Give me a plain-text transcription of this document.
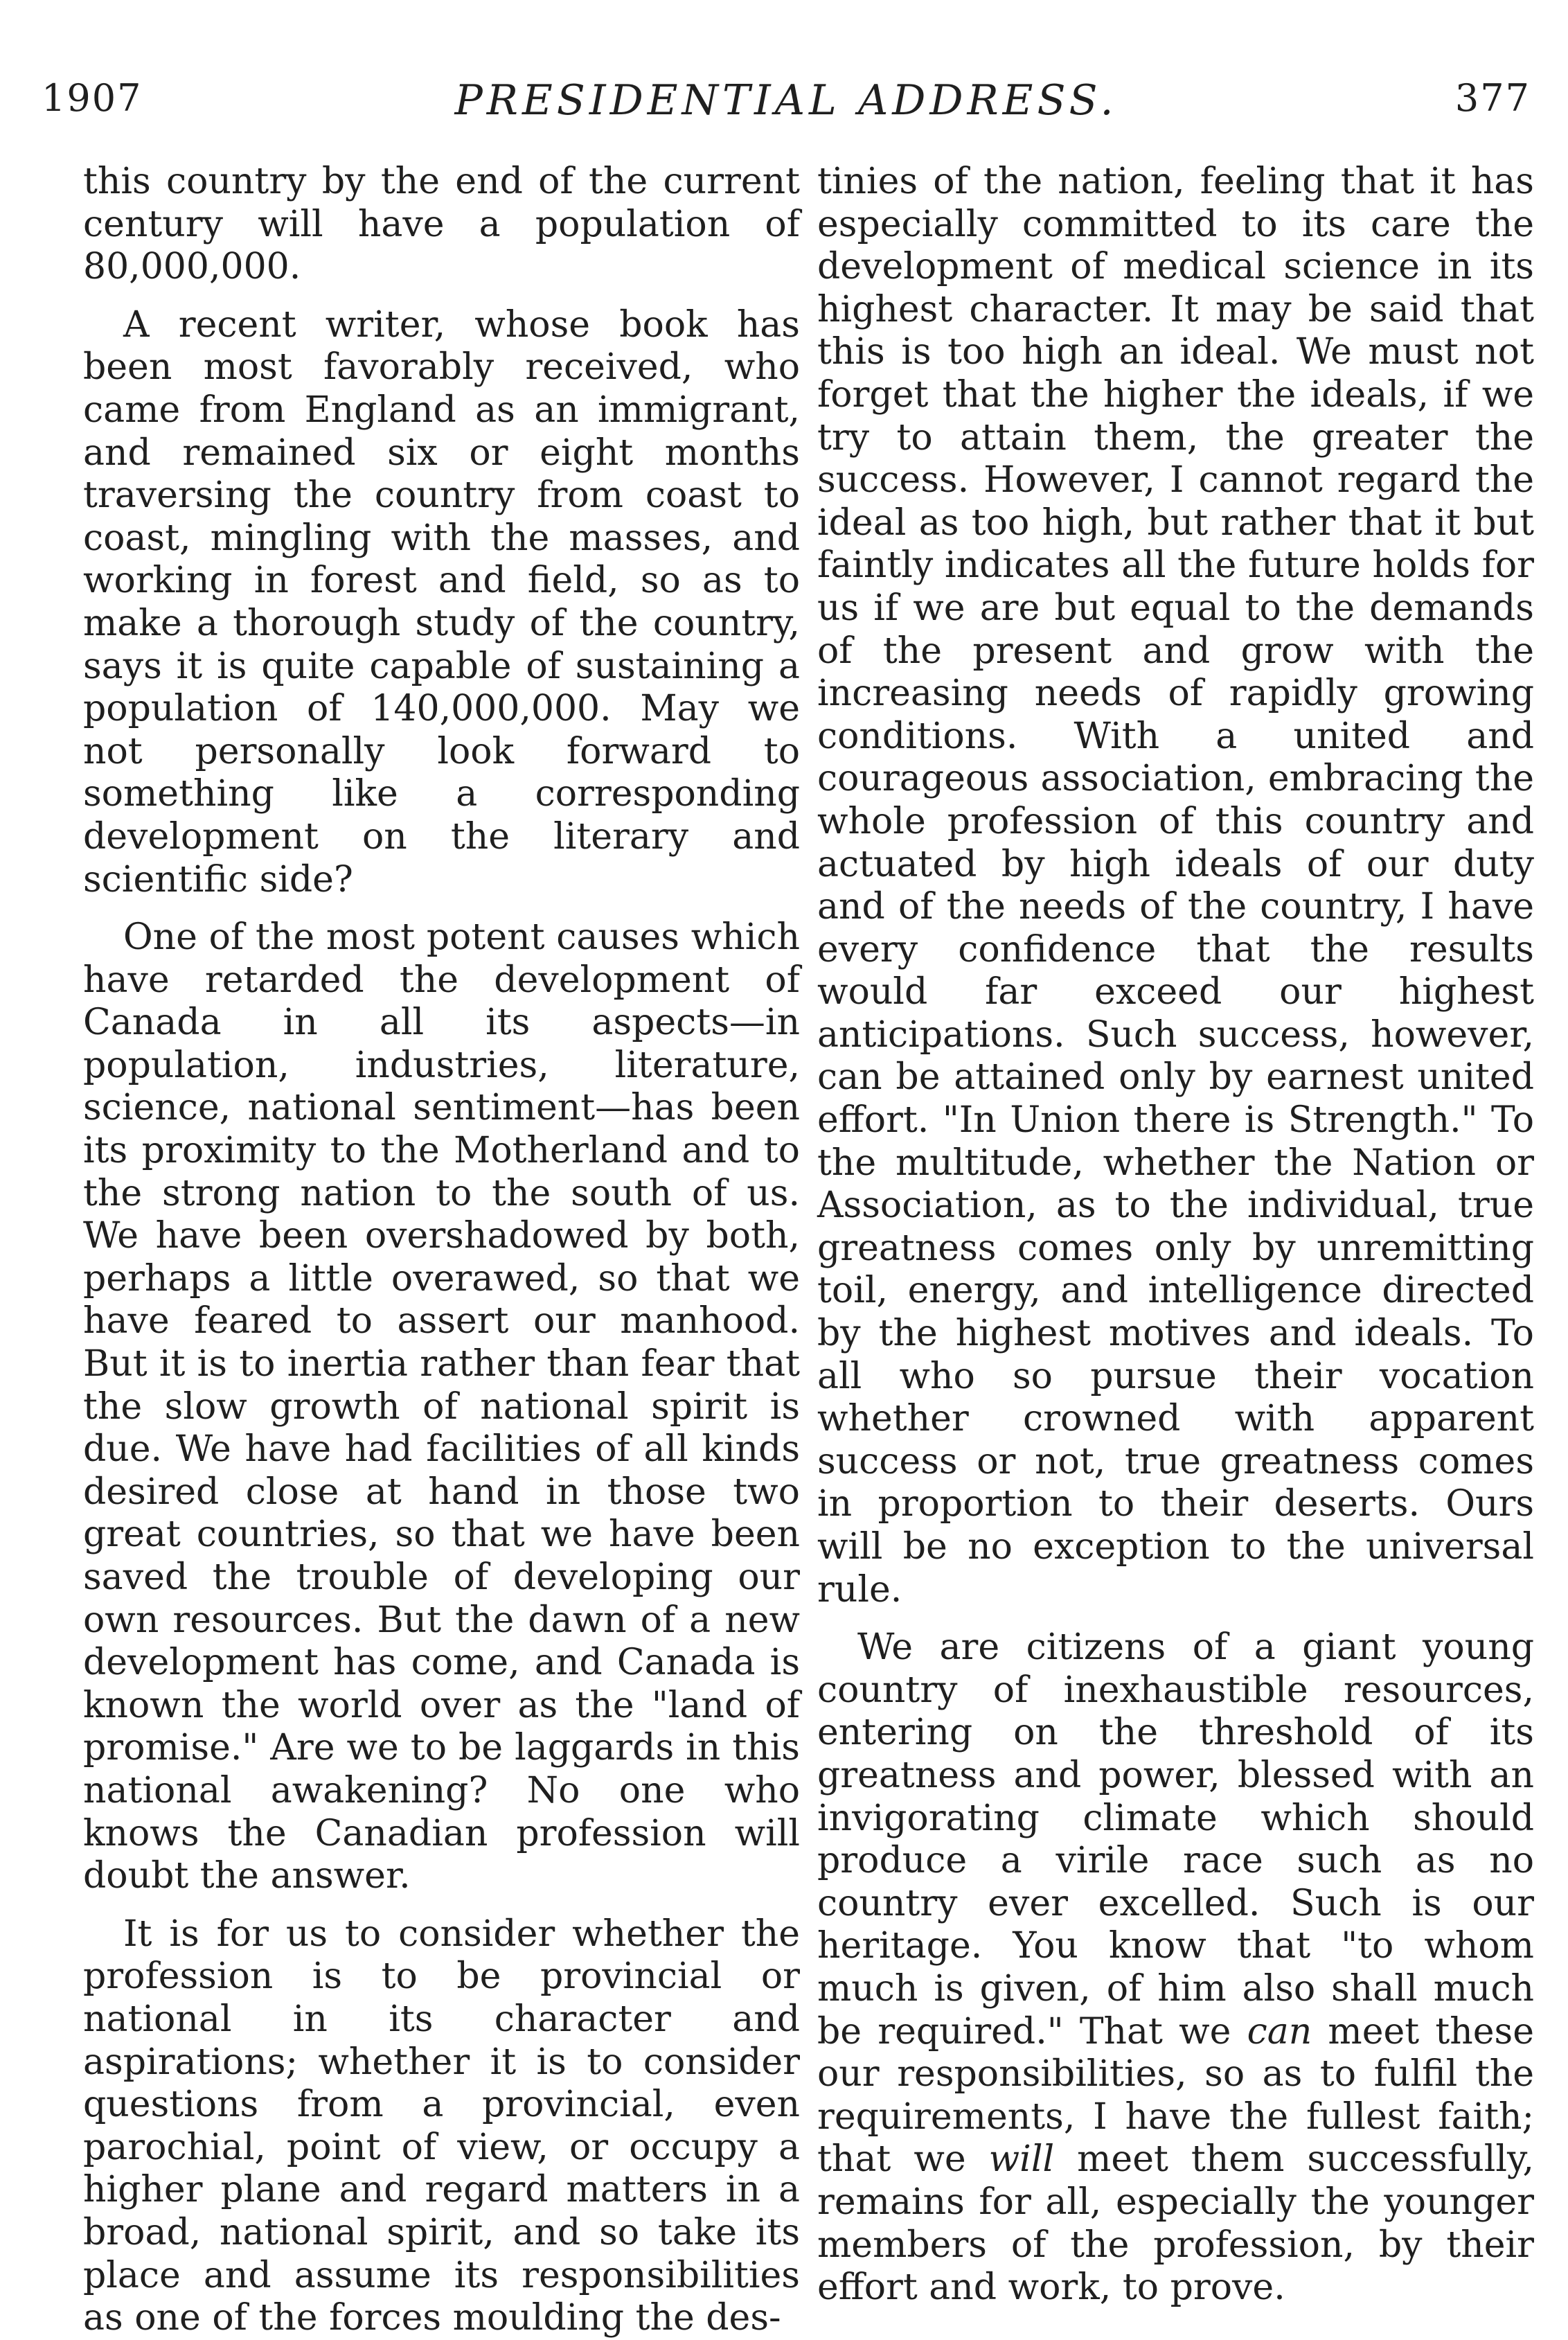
1907	PRESIDENTIAL ADDRESS.	377

this country by the end of the current century will have a population of 80,000,000.

A recent writer, whose book has been most favorably received, who came from England as an immigrant, and remained six or eight months traversing the country from coast to coast, mingling with the masses, and working in forest and field, so as to make a thorough study of the country, says it is quite capable of sustaining a population of 140,000,000. May we not personally look forward to something like a corresponding development on the literary and scientific side?

One of the most potent causes which have retarded the development of Canada in all its aspects—in population, industries, literature, science, national sentiment—has been its proximity to the Motherland and to the strong nation to the south of us. We have been overshadowed by both, perhaps a little overawed, so that we have feared to assert our manhood. But it is to inertia rather than fear that the slow growth of national spirit is due. We have had facilities of all kinds desired close at hand in those two great countries, so that we have been saved the trouble of developing our own resources. But the dawn of a new development has come, and Canada is known the world over as the "land of promise." Are we to be laggards in this national awakening? No one who knows the Canadian profession will doubt the answer.

It is for us to consider whether the profession is to be provincial or national in its character and aspirations; whether it is to consider questions from a provincial, even parochial, point of view, or occupy a higher plane and regard matters in a broad, national spirit, and so take its place and assume its responsibilities as one of the forces moulding the des-

tinies of the nation, feeling that it has especially committed to its care the development of medical science in its highest character. It may be said that this is too high an ideal. We must not forget that the higher the ideals, if we try to attain them, the greater the success. However, I cannot regard the ideal as too high, but rather that it but faintly indicates all the future holds for us if we are but equal to the demands of the present and grow with the increasing needs of rapidly growing conditions. With a united and courageous association, embracing the whole profession of this country and actuated by high ideals of our duty and of the needs of the country, I have every confidence that the results would far exceed our highest anticipations. Such success, however, can be attained only by earnest united effort. "In Union there is Strength." To the multitude, whether the Nation or Association, as to the individual, true greatness comes only by unremitting toil, energy, and intelligence directed by the highest motives and ideals. To all who so pursue their vocation whether crowned with apparent success or not, true greatness comes in proportion to their deserts. Ours will be no exception to the universal rule.

We are citizens of a giant young country of inexhaustible resources, entering on the threshold of its greatness and power, blessed with an invigorating climate which should produce a virile race such as no country ever excelled. Such is our heritage. You know that "to whom much is given, of him also shall much be required." That we can meet these our responsibilities, so as to fulfil the requirements, I have the fullest faith; that we will meet them successfully, remains for all, especially the younger members of the profession, by their effort and work, to prove.
